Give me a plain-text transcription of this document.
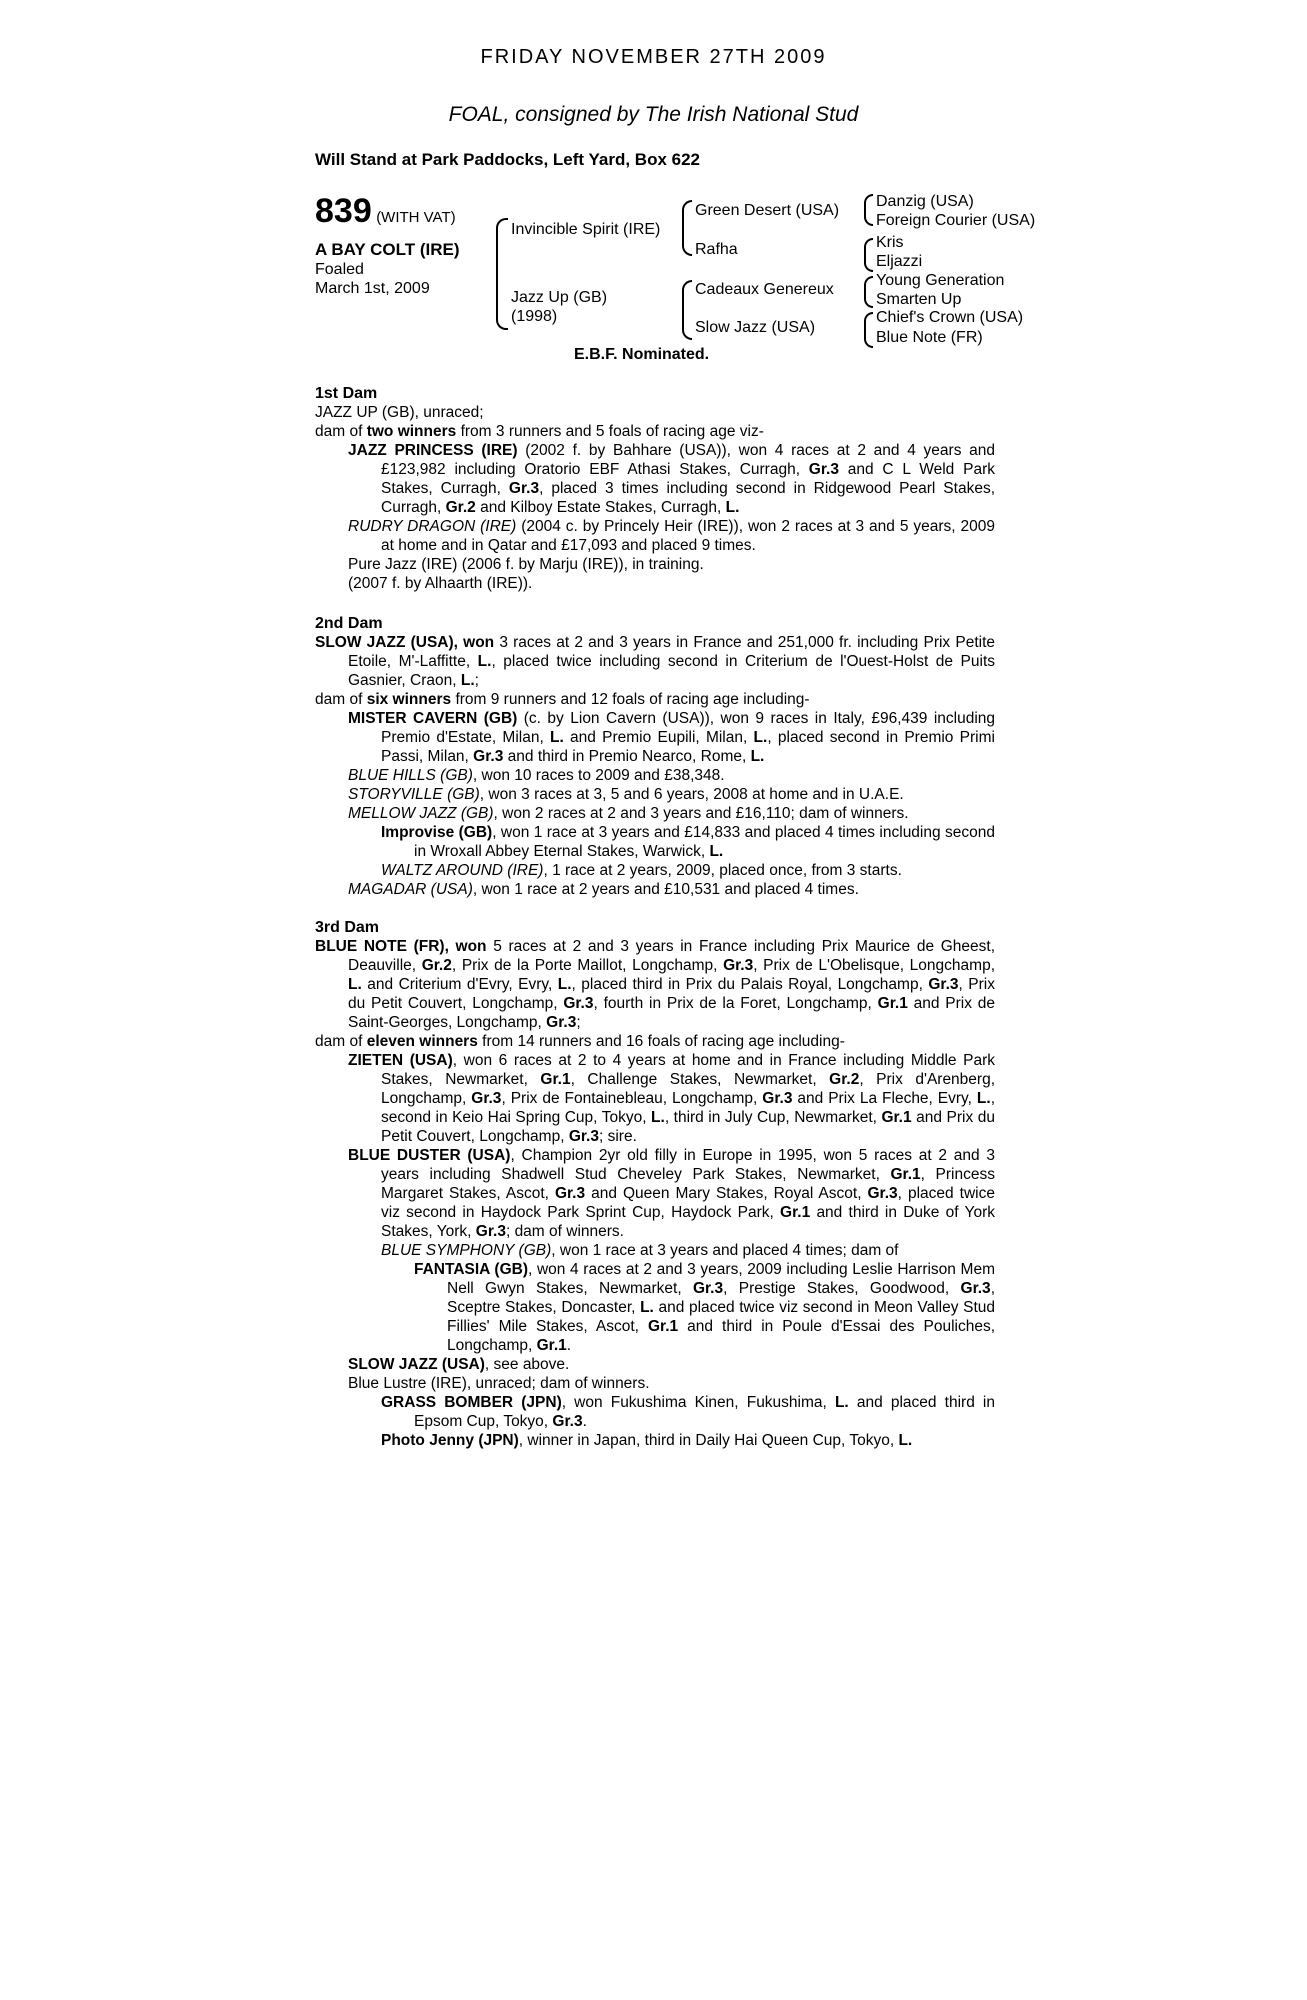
FRIDAY NOVEMBER 27TH 2009
FOAL, consigned by The Irish National Stud
Will Stand at Park Paddocks, Left Yard, Box 622
839 (WITH VAT)
A BAY COLT (IRE)
Foaled
March 1st, 2009
Invincible Spirit (IRE)
Jazz Up (GB)
(1998)
Green Desert (USA)
Rafha
Cadeaux Genereux
Slow Jazz (USA)
Danzig (USA)
Foreign Courier (USA)
Kris
Eljazzi
Young Generation
Smarten Up
Chief's Crown (USA)
Blue Note (FR)
E.B.F. Nominated.

1st Dam

JAZZ UP (GB), unraced;

dam of two winners from 3 runners and 5 foals of racing age viz-

JAZZ PRINCESS (IRE) (2002 f. by Bahhare (USA)), won 4 races at 2 and 4 years and £123,982 including Oratorio EBF Athasi Stakes, Curragh, Gr.3 and C L Weld Park Stakes, Curragh, Gr.3, placed 3 times including second in Ridgewood Pearl Stakes, Curragh, Gr.2 and Kilboy Estate Stakes, Curragh, L.

RUDRY DRAGON (IRE) (2004 c. by Princely Heir (IRE)), won 2 races at 3 and 5 years, 2009 at home and in Qatar and £17,093 and placed 9 times.

Pure Jazz (IRE) (2006 f. by Marju (IRE)), in training.

(2007 f. by Alhaarth (IRE)).

2nd Dam

SLOW JAZZ (USA), won 3 races at 2 and 3 years in France and 251,000 fr. including Prix Petite Etoile, M'-Laffitte, L., placed twice including second in Criterium de l'Ouest-Holst de Puits Gasnier, Craon, L.;

dam of six winners from 9 runners and 12 foals of racing age including-

MISTER CAVERN (GB) (c. by Lion Cavern (USA)), won 9 races in Italy, £96,439 including Premio d'Estate, Milan, L. and Premio Eupili, Milan, L., placed second in Premio Primi Passi, Milan, Gr.3 and third in Premio Nearco, Rome, L.

BLUE HILLS (GB), won 10 races to 2009 and £38,348.

STORYVILLE (GB), won 3 races at 3, 5 and 6 years, 2008 at home and in U.A.E.

MELLOW JAZZ (GB), won 2 races at 2 and 3 years and £16,110; dam of winners.

Improvise (GB), won 1 race at 3 years and £14,833 and placed 4 times including second in Wroxall Abbey Eternal Stakes, Warwick, L.

WALTZ AROUND (IRE), 1 race at 2 years, 2009, placed once, from 3 starts.

MAGADAR (USA), won 1 race at 2 years and £10,531 and placed 4 times.

3rd Dam

BLUE NOTE (FR), won 5 races at 2 and 3 years in France including Prix Maurice de Gheest, Deauville, Gr.2, Prix de la Porte Maillot, Longchamp, Gr.3, Prix de L'Obelisque, Longchamp, L. and Criterium d'Evry, Evry, L., placed third in Prix du Palais Royal, Longchamp, Gr.3, Prix du Petit Couvert, Longchamp, Gr.3, fourth in Prix de la Foret, Longchamp, Gr.1 and Prix de Saint-Georges, Longchamp, Gr.3;

dam of eleven winners from 14 runners and 16 foals of racing age including-

ZIETEN (USA), won 6 races at 2 to 4 years at home and in France including Middle Park Stakes, Newmarket, Gr.1, Challenge Stakes, Newmarket, Gr.2, Prix d'Arenberg, Longchamp, Gr.3, Prix de Fontainebleau, Longchamp, Gr.3 and Prix La Fleche, Evry, L., second in Keio Hai Spring Cup, Tokyo, L., third in July Cup, Newmarket, Gr.1 and Prix du Petit Couvert, Longchamp, Gr.3; sire.

BLUE DUSTER (USA), Champion 2yr old filly in Europe in 1995, won 5 races at 2 and 3 years including Shadwell Stud Cheveley Park Stakes, Newmarket, Gr.1, Princess Margaret Stakes, Ascot, Gr.3 and Queen Mary Stakes, Royal Ascot, Gr.3, placed twice viz second in Haydock Park Sprint Cup, Haydock Park, Gr.1 and third in Duke of York Stakes, York, Gr.3; dam of winners.

BLUE SYMPHONY (GB), won 1 race at 3 years and placed 4 times; dam of

FANTASIA (GB), won 4 races at 2 and 3 years, 2009 including Leslie Harrison Mem Nell Gwyn Stakes, Newmarket, Gr.3, Prestige Stakes, Goodwood, Gr.3, Sceptre Stakes, Doncaster, L. and placed twice viz second in Meon Valley Stud Fillies' Mile Stakes, Ascot, Gr.1 and third in Poule d'Essai des Pouliches, Longchamp, Gr.1.

SLOW JAZZ (USA), see above.

Blue Lustre (IRE), unraced; dam of winners.

GRASS BOMBER (JPN), won Fukushima Kinen, Fukushima, L. and placed third in Epsom Cup, Tokyo, Gr.3.

Photo Jenny (JPN), winner in Japan, third in Daily Hai Queen Cup, Tokyo, L.
